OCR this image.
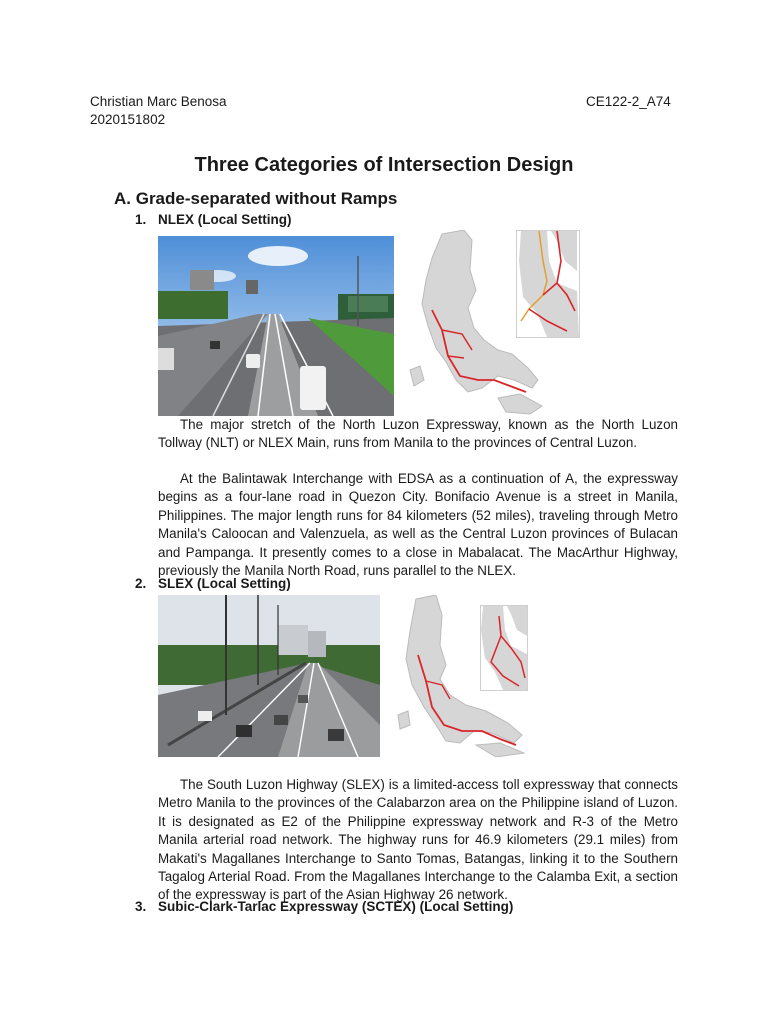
Christian Marc Benosa
2020151802
CE122-2_A74
Three Categories of Intersection Design
A. Grade-separated without Ramps
1. NLEX (Local Setting)
The major stretch of the North Luzon Expressway, known as the North Luzon Tollway (NLT) or NLEX Main, runs from Manila to the provinces of Central Luzon.
At the Balintawak Interchange with EDSA as a continuation of A, the expressway begins as a four-lane road in Quezon City. Bonifacio Avenue is a street in Manila, Philippines. The major length runs for 84 kilometers (52 miles), traveling through Metro Manila's Caloocan and Valenzuela, as well as the Central Luzon provinces of Bulacan and Pampanga. It presently comes to a close in Mabalacat. The MacArthur Highway, previously the Manila North Road, runs parallel to the NLEX.
2. SLEX (Local Setting)
The South Luzon Highway (SLEX) is a limited-access toll expressway that connects Metro Manila to the provinces of the Calabarzon area on the Philippine island of Luzon. It is designated as E2 of the Philippine expressway network and R-3 of the Metro Manila arterial road network. The highway runs for 46.9 kilometers (29.1 miles) from Makati's Magallanes Interchange to Santo Tomas, Batangas, linking it to the Southern Tagalog Arterial Road. From the Magallanes Interchange to the Calamba Exit, a section of the expressway is part of the Asian Highway 26 network.
3. Subic-Clark-Tarlac Expressway (SCTEX) (Local Setting)
